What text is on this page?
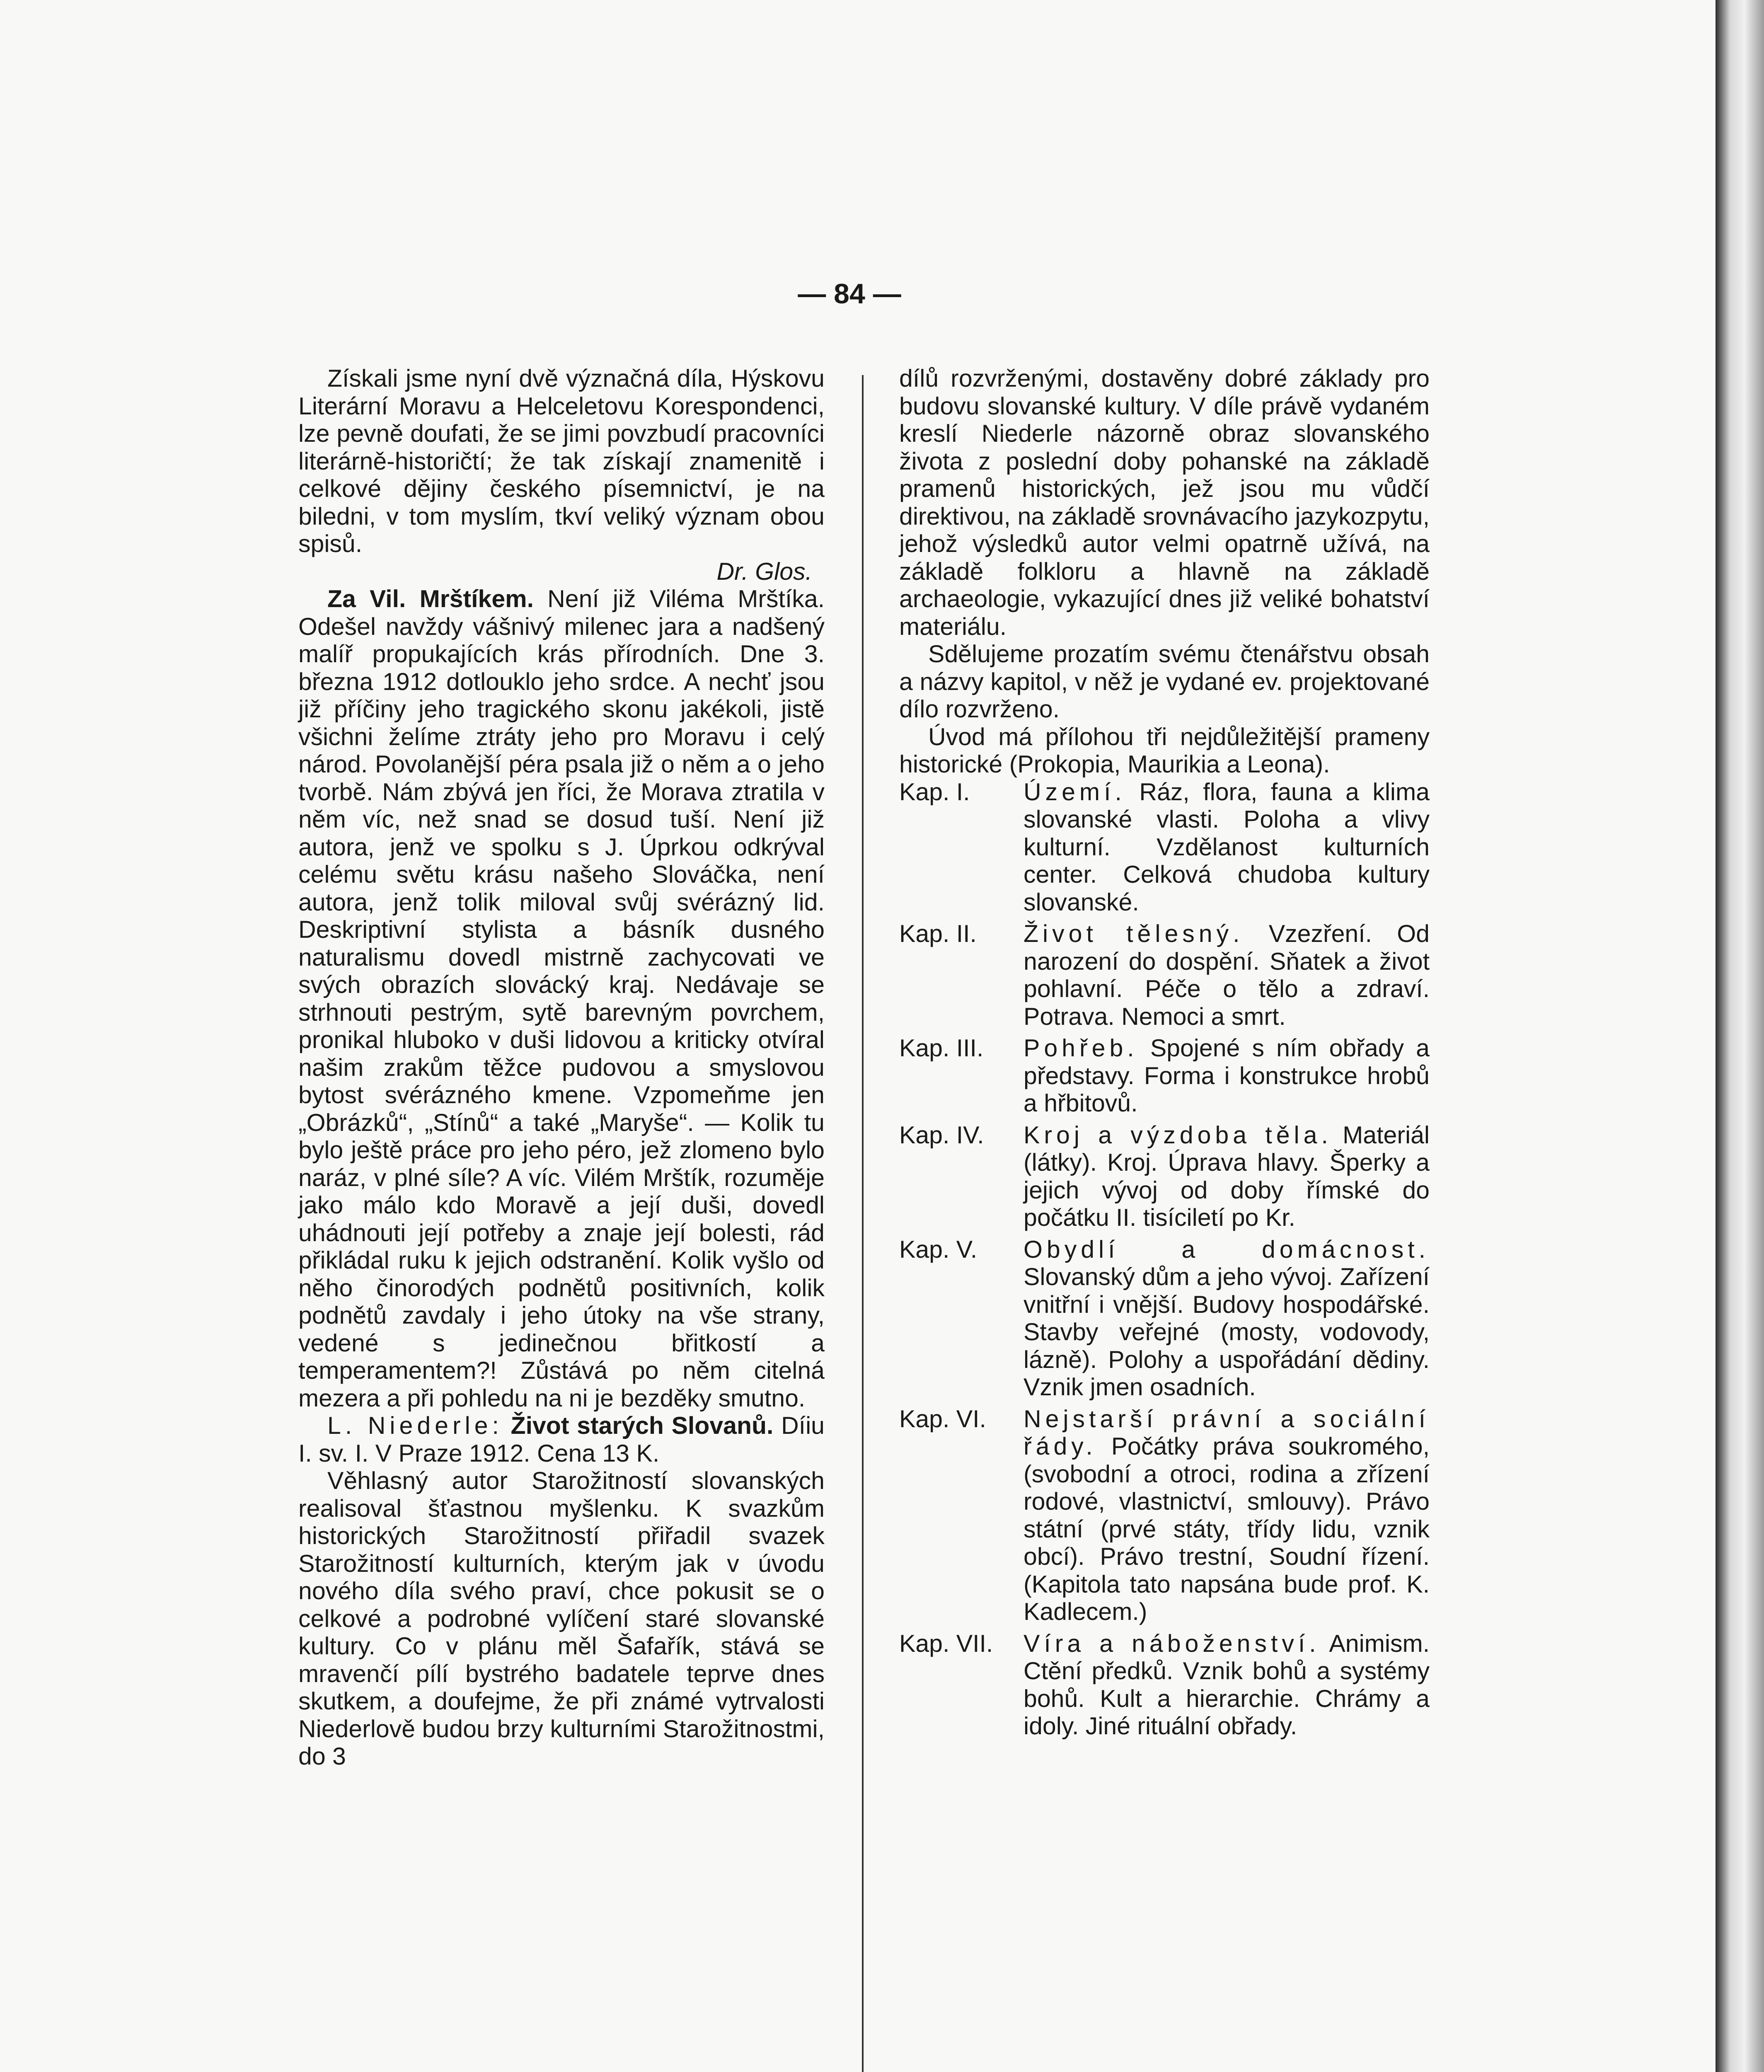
— 84 —

Získali jsme nyní dvě význačná díla, Hýskovu Literární Moravu a Helceletovu Korespondenci, lze pevně doufati, že se jimi povzbudí pracovníci literárně-historičtí; že tak získají znamenitě i celkové dějiny českého písemnictví, je na biledni, v tom myslím, tkví veliký význam obou spisů.

Dr. Glos.

Za Vil. Mrštíkem. Není již Viléma Mrštíka. Odešel navždy vášnivý milenec jara a nadšený malíř propukajících krás přírodních. Dne 3. března 1912 dotlouklo jeho srdce. A nechť jsou již příčiny jeho tragického skonu jakékoli, jistě všichni želíme ztráty jeho pro Moravu i celý národ. Povolanější péra psala již o něm a o jeho tvorbě. Nám zbývá jen říci, že Morava ztratila v něm víc, než snad se dosud tuší. Není již autora, jenž ve spolku s J. Úprkou odkrýval celému světu krásu našeho Slováčka, není autora, jenž tolik miloval svůj svérázný lid. Deskriptivní stylista a básník dusného naturalismu dovedl mistrně zachycovati ve svých obrazích slovácký kraj. Nedávaje se strhnouti pestrým, sytě barevným povrchem, pronikal hluboko v duši lidovou a kriticky otvíral našim zrakům těžce pudovou a smyslovou bytost svérázného kmene. Vzpomeňme jen „Obrázků“, „Stínů“ a také „Maryše“. — Kolik tu bylo ještě práce pro jeho péro, jež zlomeno bylo naráz, v plné síle? A víc. Vilém Mrštík, rozuměje jako málo kdo Moravě a její duši, dovedl uhádnouti její potřeby a znaje její bolesti, rád přikládal ruku k jejich odstranění. Kolik vyšlo od něho činorodých podnětů positivních, kolik podnětů zavdaly i jeho útoky na vše strany, vedené s jedinečnou břitkostí a temperamentem?! Zůstává po něm citelná mezera a při pohledu na ni je bezděky smutno.

L. Niederle: Život starých Slovanů. Díiu I. sv. I. V Praze 1912. Cena 13 K.

Věhlasný autor Starožitností slovanských realisoval šťastnou myšlenku. K svazkům historických Starožitností přiřadil svazek Starožitností kulturních, kterým jak v úvodu nového díla svého praví, chce pokusit se o celkové a podrobné vylíčení staré slovanské kultury. Co v plánu měl Šafařík, stává se mravenčí pílí bystrého badatele teprve dnes skutkem, a doufejme, že při známé vytrvalosti Niederlově budou brzy kulturními Starožitnostmi, do 3

dílů rozvrženými, dostavěny dobré základy pro budovu slovanské kultury. V díle právě vydaném kreslí Niederle názorně obraz slovanského života z poslední doby pohanské na základě pramenů historických, jež jsou mu vůdčí direktivou, na základě srovnávacího jazykozpytu, jehož výsledků autor velmi opatrně užívá, na základě folkloru a hlavně na základě archaeologie, vykazující dnes již veliké bohatství materiálu.

Sdělujeme prozatím svému čtenářstvu obsah a názvy kapitol, v něž je vydané ev. projektované dílo rozvrženo.

Úvod má přílohou tři nejdůležitější prameny historické (Prokopia, Maurikia a Leona).

Kap. I.	Území. Ráz, flora, fauna a klima slovanské vlasti. Poloha a vlivy kulturní. Vzdělanost kulturních center. Celková chudoba kultury slovanské.
Kap. II.	Život tělesný. Vzezření. Od narození do dospění. Sňatek a život pohlavní. Péče o tělo a zdraví. Potrava. Nemoci a smrt.
Kap. III.	Pohřeb. Spojené s ním obřady a představy. Forma i konstrukce hrobů a hřbitovů.
Kap. IV.	Kroj a výzdoba těla. Materiál (látky). Kroj. Úprava hlavy. Šperky a jejich vývoj od doby římské do počátku II. tisíciletí po Kr.
Kap. V.	Obydlí a domácnost. Slovanský dům a jeho vývoj. Zařízení vnitřní i vnější. Budovy hospodářské. Stavby veřejné (mosty, vodovody, lázně). Polohy a uspořádání dědiny. Vznik jmen osadních.
Kap. VI.	Nejstarší právní a sociální řády. Počátky práva soukromého, (svobodní a otroci, rodina a zřízení rodové, vlastnictví, smlouvy). Právo státní (prvé státy, třídy lidu, vznik obcí). Právo trestní, Soudní řízení. (Kapitola tato napsána bude prof. K. Kadlecem.)
Kap. VII.	Víra a náboženství. Animism. Ctění předků. Vznik bohů a systémy bohů. Kult a hierarchie. Chrámy a idoly. Jiné rituální obřady.
